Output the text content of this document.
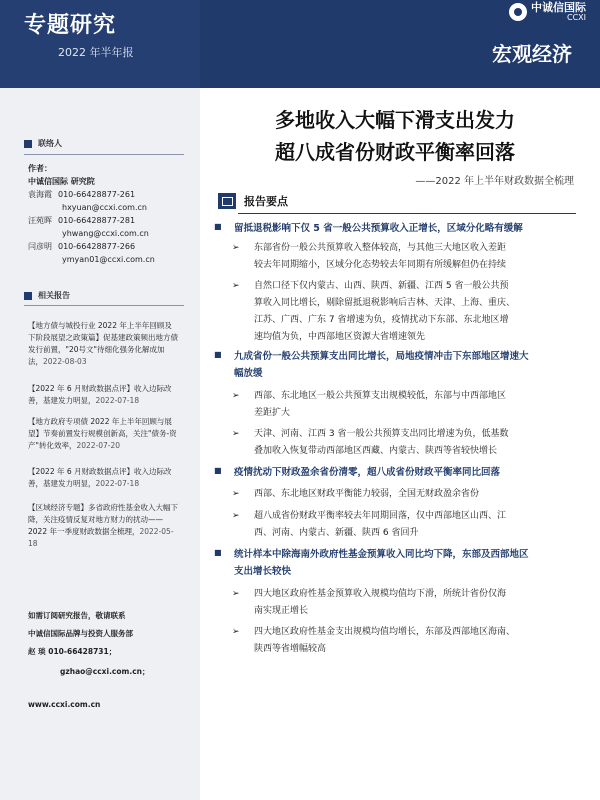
专题研究
2022 年半年报
中诚信国际
CCXI
宏观经济
联络人
作者：
中诚信国际 研究院
袁海霞 010-66428877-261
hxyuan@ccxi.com.cn
汪苑晖 010-66428877-281
yhwang@ccxi.com.cn
闫彦明 010-66428877-266
ymyan01@ccxi.com.cn
相关报告
【地方债与城投行业 2022 年上半年回顾及下阶段展望之政策篇】促基建政策频出地方债发行前置，"20号文"待细化强务化解成加法，2022-08-03
【2022 年 6 月财政数据点评】收入边际改善，基建发力明显，2022-07-18
【地方政府专项债 2022 年上半年回顾与展望】节奏前置发行规模创新高，关注"债务-资产"转化效率，2022-07-20
【2022 年 6 月财政数据点评】收入边际改善，基建发力明显，2022-07-18
【区域经济专题】多省政府性基金收入大幅下降，关注疫情反复对地方财力的扰动——2022 年一季度财政数据全梳理，2022-05-18
如需订阅研究报告，敬请联系
中诚信国际品牌与投资人服务部
赵 琰 010-66428731；
gzhao@ccxi.com.cn；
www.ccxi.com.cn
多地收入大幅下滑支出发力
超八成省份财政平衡率回落
——2022 年上半年财政数据全梳理
报告要点
■
留抵退税影响下仅 5 省一般公共预算收入正增长，区域分化略有缓解
➢	东部省份一般公共预算收入整体较高，与其他三大地区收入差距
较去年同期缩小，区域分化态势较去年同期有所缓解但仍在持续
➢	自然口径下仅内蒙古、山西、陕西、新疆、江西 5 省一般公共预
算收入同比增长，剔除留抵退税影响后吉林、天津、上海、重庆、
江苏、广西、广东 7 省增速为负，疫情扰动下东部、东北地区增
速均值为负，中西部地区资源大省增速领先
■
九成省份一般公共预算支出同比增长，局地疫情冲击下东部地区增速大
幅放缓
➢	西部、东北地区一般公共预算支出规模较低，东部与中西部地区
差距扩大
➢	天津、河南、江西 3 省一般公共预算支出同比增速为负，低基数
叠加收入恢复带动西部地区西藏、内蒙古、陕西等省较快增长
■
疫情扰动下财政盈余省份清零，超八成省份财政平衡率同比回落
➢	西部、东北地区财政平衡能力较弱，全国无财政盈余省份
➢	超八成省份财政平衡率较去年同期回落，仅中西部地区山西、江
西、河南、内蒙古、新疆、陕西 6 省回升
■
统计样本中除海南外政府性基金预算收入同比均下降，东部及西部地区
支出增长较快
➢	四大地区政府性基金预算收入规模均值均下滑，所统计省份仅海
南实现正增长
➢	四大地区政府性基金支出规模均值均增长，东部及西部地区海南、
陕西等省增幅较高
